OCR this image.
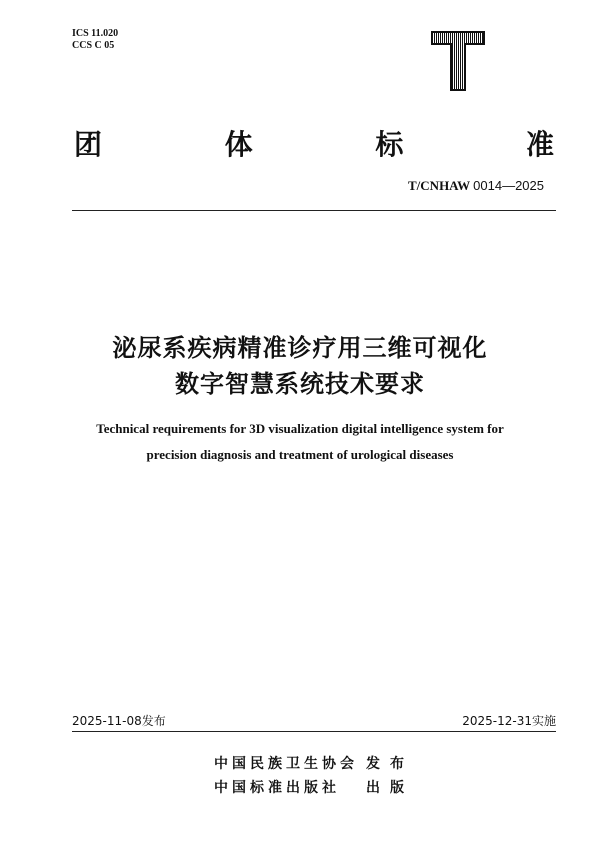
ICS 11.020
CCS C 05
团	体	标	准
T/CNHAW 0014—2025
泌尿系疾病精准诊疗用三维可视化
数字智慧系统技术要求
Technical requirements for 3D visualization digital intelligence system for
precision diagnosis and treatment of urological diseases
2025-11-08发布	2025-12-31实施
中国民族卫生协会 发布
中国标准出版社	出版
